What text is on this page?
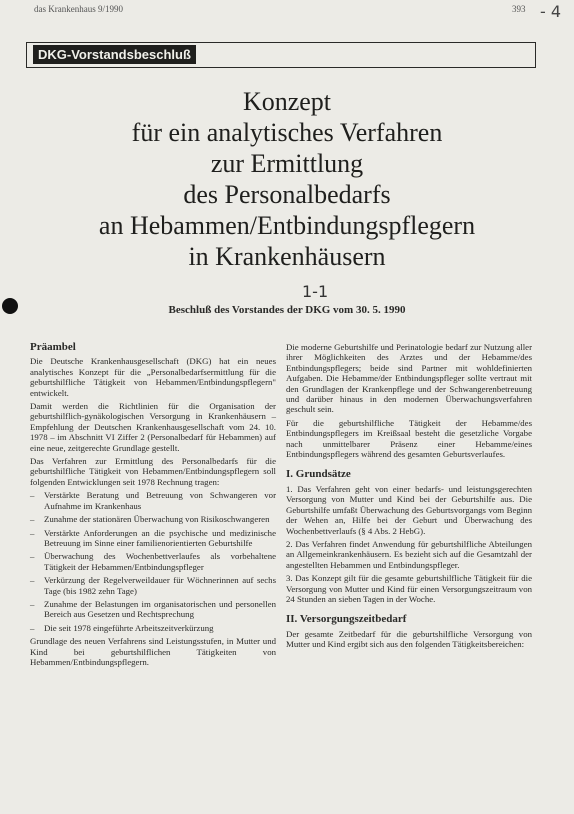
das Krankenhaus 9/1990	393 - 4
DKG-Vorstandsbeschluß
Konzept
für ein analytisches Verfahren
zur Ermittlung
des Personalbedarfs
an Hebammen/Entbindungspflegern
in Krankenhäusern
1-1
Beschluß des Vorstandes der DKG vom 30. 5. 1990
Präambel

Die Deutsche Krankenhausgesellschaft (DKG) hat ein neues analytisches Konzept für die „Personalbedarfsermittlung für die geburtshilfliche Tätigkeit von Hebammen/Entbindungspflegern" entwickelt.

Damit werden die Richtlinien für die Organisation der geburtshilflich-gynäkologischen Versorgung in Krankenhäusern – Empfehlung der Deutschen Krankenhausgesellschaft vom 24. 10. 1978 – im Abschnitt VI Ziffer 2 (Personalbedarf für Hebammen) auf eine neue, zeitgerechte Grundlage gestellt.

Das Verfahren zur Ermittlung des Personalbedarfs für die geburtshilfliche Tätigkeit von Hebammen/Entbindungspflegern soll folgenden Entwicklungen seit 1978 Rechnung tragen:

– Verstärkte Beratung und Betreuung von Schwangeren vor Aufnahme im Krankenhaus
– Zunahme der stationären Überwachung von Risikoschwangeren
– Verstärkte Anforderungen an die psychische und medizinische Betreuung im Sinne einer familienorientierten Geburtshilfe
– Überwachung des Wochenbettverlaufes als vorbehaltene Tätigkeit der Hebammen/Entbindungspfleger
– Verkürzung der Regelverweildauer für Wöchnerinnen auf sechs Tage (bis 1982 zehn Tage)
– Zunahme der Belastungen im organisatorischen und personellen Bereich aus Gesetzen und Rechtsprechung
– Die seit 1978 eingeführte Arbeitszeitverkürzung

Grundlage des neuen Verfahrens sind Leistungsstufen, in Mutter und Kind bei geburtshilflichen Tätigkeiten von Hebammen/Entbindungspflegern.

Die moderne Geburtshilfe und Perinatologie bedarf zur Nutzung aller ihrer Möglichkeiten des Arztes und der Hebamme/des Entbindungspflegers; beide sind Partner mit wohldefinierten Aufgaben. Die Hebamme/der Entbindungspfleger sollte vertraut mit den Grundlagen der Krankenpflege und der Schwangerenbetreuung und darüber hinaus in den modernen Überwachungsverfahren geschult sein.

Für die geburtshilfliche Tätigkeit der Hebamme/des Entbindungspflegers im Kreißsaal besteht die gesetzliche Vorgabe nach unmittelbarer Präsenz einer Hebamme/eines Entbindungspflegers während des gesamten Geburtsverlaufes.

I. Grundsätze
1. Das Verfahren geht von einer bedarfs- und leistungsgerechten Versorgung von Mutter und Kind bei der Geburtshilfe aus. Die Geburtshilfe umfaßt Überwachung des Geburtsvorgangs vom Beginn der Wehen an, Hilfe bei der Geburt und Überwachung des Wochenbettverlaufs (§ 4 Abs. 2 HebG).
2. Das Verfahren findet Anwendung für geburtshilfliche Abteilungen an Allgemeinkrankenhäusern. Es bezieht sich auf die Gesamtzahl der angestellten Hebammen und Entbindungspfleger.
3. Das Konzept gilt für die gesamte geburtshilfliche Tätigkeit für die Versorgung von Mutter und Kind für einen Versorgungszeitraum von 24 Stunden an sieben Tagen in der Woche.
II. Versorgungszeitbedarf

Der gesamte Zeitbedarf für die geburtshilfliche Versorgung von Mutter und Kind ergibt sich aus den folgenden Tätigkeitsbereichen:
